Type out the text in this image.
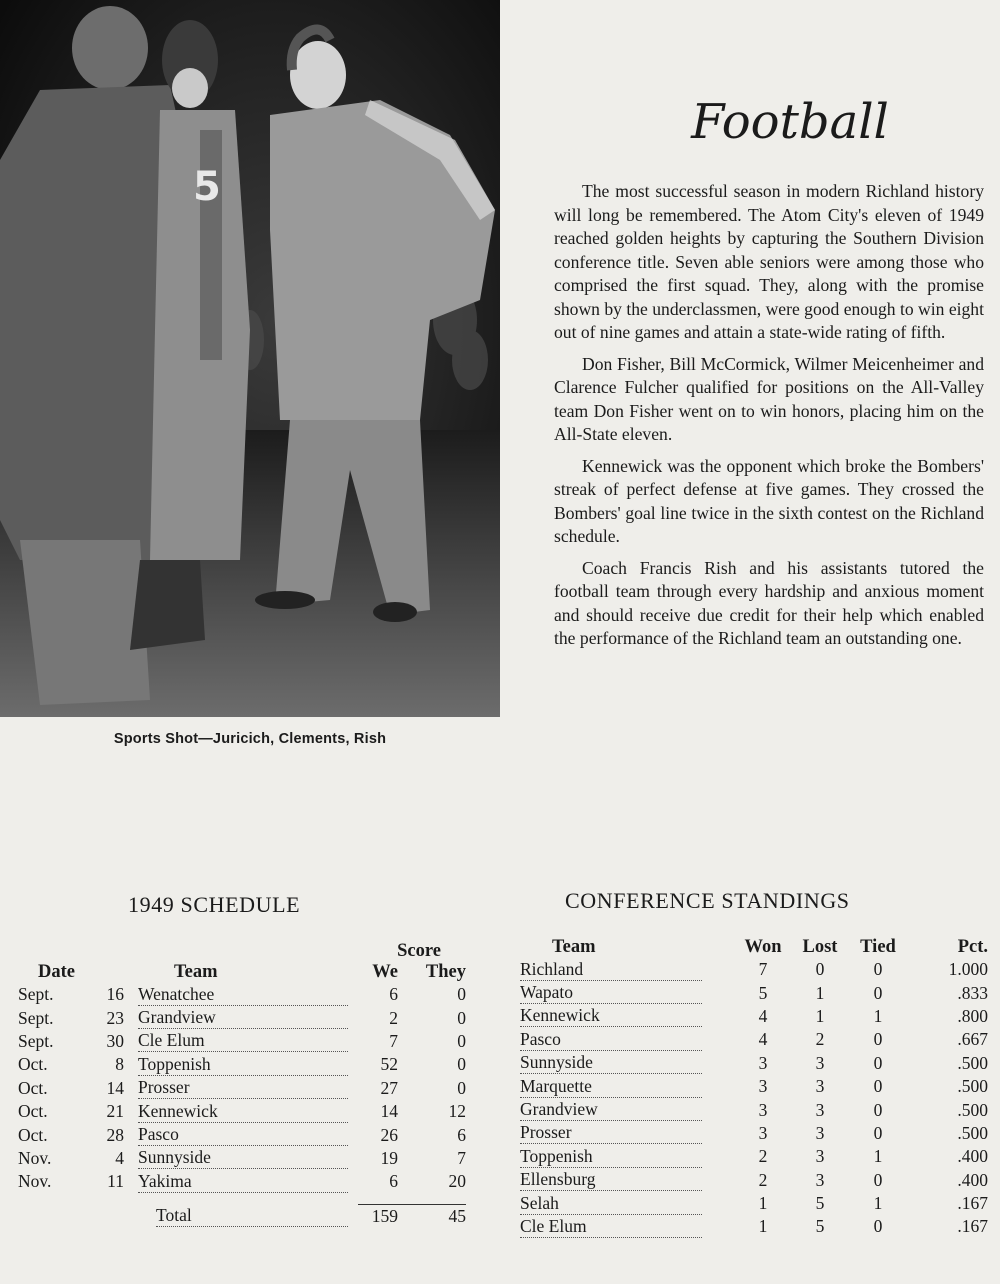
5
Sports Shot—Juricich, Clements, Rish
Football

The most successful season in modern Richland history will long be remembered. The Atom City's eleven of 1949 reached golden heights by capturing the Southern Division conference title. Seven able seniors were among those who comprised the first squad. They, along with the promise shown by the underclassmen, were good enough to win eight out of nine games and attain a state-wide rating of fifth.

Don Fisher, Bill McCormick, Wilmer Meicenheimer and Clarence Fulcher qualified for positions on the All-Valley team Don Fisher went on to win honors, placing him on the All-State eleven.

Kennewick was the opponent which broke the Bombers' streak of perfect defense at five games. They crossed the Bombers' goal line twice in the sixth contest on the Richland schedule.

Coach Francis Rish and his assistants tutored the football team through every hardship and anxious moment and should receive due credit for their help which enabled the performance of the Richland team an outstanding one.

1949 SCHEDULE
			Score	
Date		Team	We	They
Sept.	16	Wenatchee	6	0
Sept.	23	Grandview	2	0
Sept.	30	Cle Elum	7	0
Oct.	8	Toppenish	52	0
Oct.	14	Prosser	27	0
Oct.	21	Kennewick	14	12
Oct.	28	Pasco	26	6
Nov.	4	Sunnyside	19	7
Nov.	11	Yakima	6	20

		Total	159	45
CONFERENCE STANDINGS
Team	Won	Lost	Tied	Pct.
Richland	7	0	0	1.000
Wapato	5	1	0	.833
Kennewick	4	1	1	.800
Pasco	4	2	0	.667
Sunnyside	3	3	0	.500
Marquette	3	3	0	.500
Grandview	3	3	0	.500
Prosser	3	3	0	.500
Toppenish	2	3	1	.400
Ellensburg	2	3	0	.400
Selah	1	5	1	.167
Cle Elum	1	5	0	.167
